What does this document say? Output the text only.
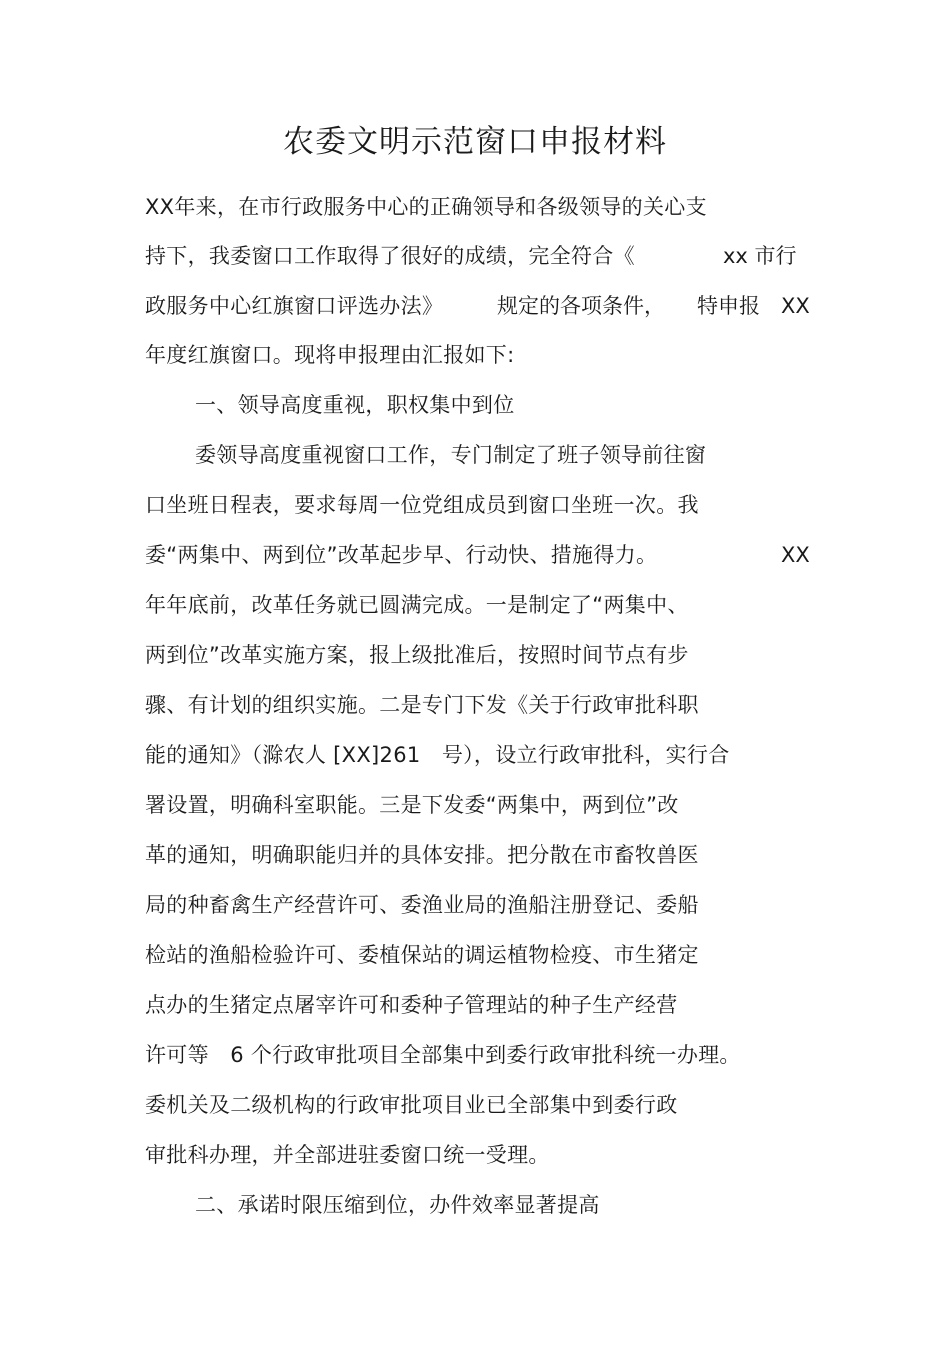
农委文明示范窗口申报材料
XX年来，在市行政服务中心的正确领导和各级领导的关心支
持下，我委窗口工作取得了很好的成绩，完全符合《	xx 市行
政服务中心红旗窗口评选办法》	规定的各项条件， 特申报 XX
年度红旗窗口。现将申报理由汇报如下:
一、领导高度重视，职权集中到位
委领导高度重视窗口工作，专门制定了班子领导前往窗
口坐班日程表，要求每周一位党组成员到窗口坐班一次。我
委“两集中、两到位”改革起步早、行动快、措施得力。	XX
年年底前，改革任务就已圆满完成。一是制定了“两集中、
两到位”改革实施方案，报上级批准后，按照时间节点有步
骤、有计划的组织实施。二是专门下发《关于行政审批科职
能的通知》（滁农人 [XX]261　号），设立行政审批科，实行合
署设置，明确科室职能。三是下发委“两集中，两到位”改
革的通知，明确职能归并的具体安排。把分散在市畜牧兽医
局的种畜禽生产经营许可、委渔业局的渔船注册登记、委船
检站的渔船检验许可、委植保站的调运植物检疫、市生猪定
点办的生猪定点屠宰许可和委种子管理站的种子生产经营
许可等　6 个行政审批项目全部集中到委行政审批科统一办理。
委机关及二级机构的行政审批项目业已全部集中到委行政
审批科办理，并全部进驻委窗口统一受理。
二、承诺时限压缩到位，办件效率显著提高
